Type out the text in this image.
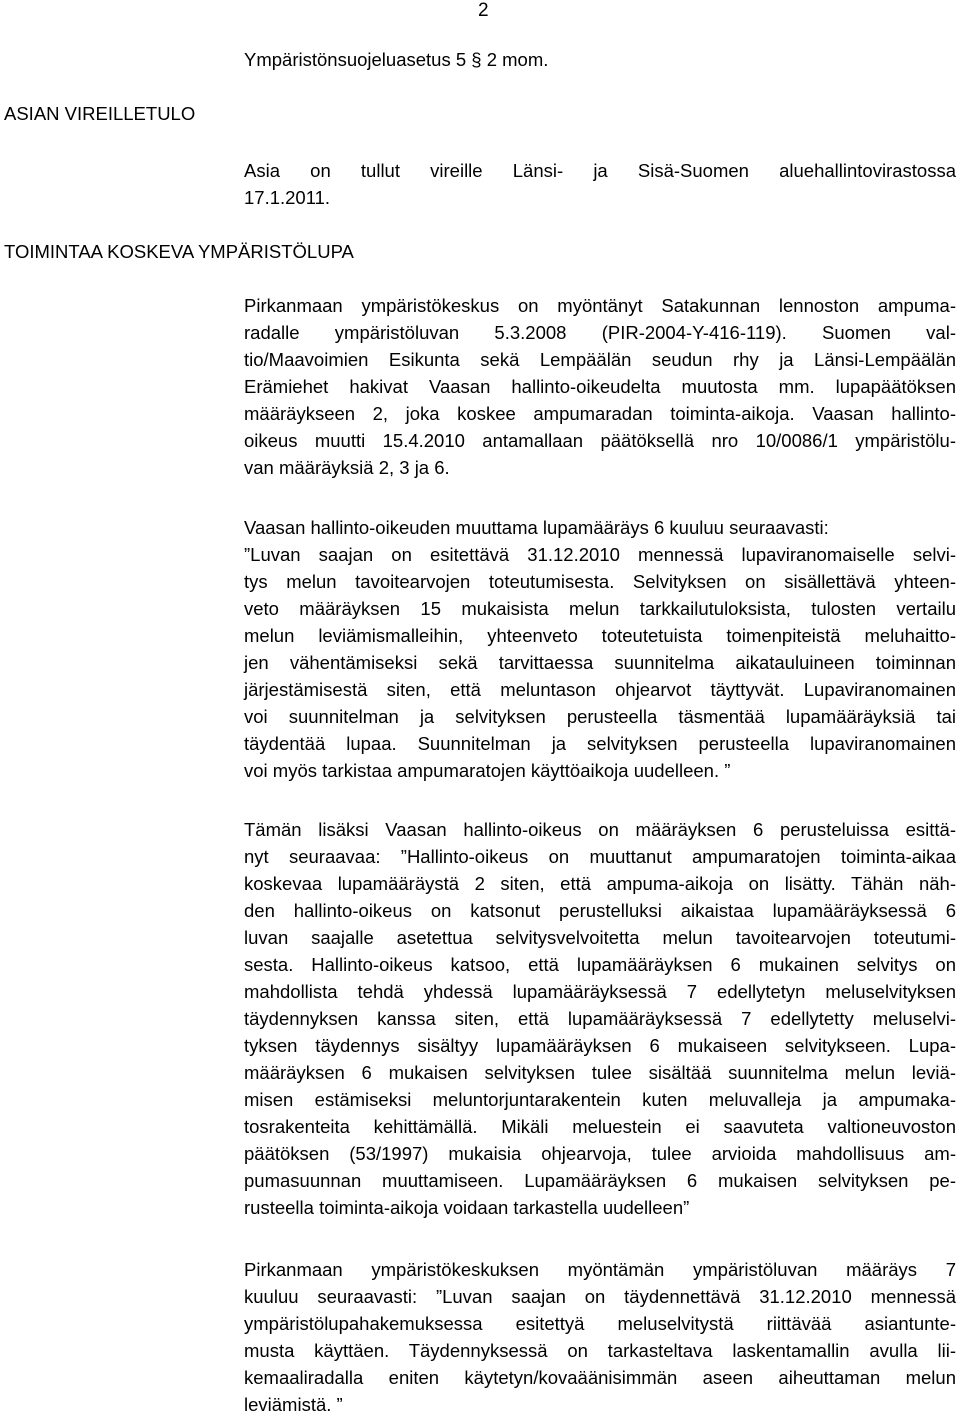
2

Ympäristönsuojeluasetus 5 § 2 mom.

ASIAN VIREILLETULO

Asia on tullut vireille Länsi- ja Sisä-Suomen aluehallintovirastossa
17.1.2011.

TOIMINTAA KOSKEVA YMPÄRISTÖLUPA

Pirkanmaan ympäristökeskus on myöntänyt Satakunnan lennoston ampuma-
radalle ympäristöluvan 5.3.2008 (PIR-2004-Y-416-119). Suomen val-
tio/Maavoimien Esikunta sekä Lempäälän seudun rhy ja Länsi-Lempäälän
Erämiehet hakivat Vaasan hallinto-oikeudelta muutosta mm. lupapäätöksen
määräykseen 2, joka koskee ampumaradan toiminta-aikoja. Vaasan hallinto-
oikeus muutti 15.4.2010 antamallaan päätöksellä nro 10/0086/1 ympäristölu-
van määräyksiä 2, 3 ja 6.

Vaasan hallinto-oikeuden muuttama lupamääräys 6 kuuluu seuraavasti:
”Luvan saajan on esitettävä 31.12.2010 mennessä lupaviranomaiselle selvi-
tys melun tavoitearvojen toteutumisesta. Selvityksen on sisällettävä yhteen-
veto määräyksen 15 mukaisista melun tarkkailutuloksista, tulosten vertailu
melun leviämismalleihin, yhteenveto toteutetuista toimenpiteistä meluhaitto-
jen vähentämiseksi sekä tarvittaessa suunnitelma aikatauluineen toiminnan
järjestämisestä siten, että meluntason ohjearvot täyttyvät. Lupaviranomainen
voi suunnitelman ja selvityksen perusteella täsmentää lupamääräyksiä tai
täydentää lupaa. Suunnitelman ja selvityksen perusteella lupaviranomainen
voi myös tarkistaa ampumaratojen käyttöaikoja uudelleen. ”

Tämän lisäksi Vaasan hallinto-oikeus on määräyksen 6 perusteluissa esittä-
nyt seuraavaa: ”Hallinto-oikeus on muuttanut ampumaratojen toiminta-aikaa
koskevaa lupamääräystä 2 siten, että ampuma-aikoja on lisätty. Tähän näh-
den hallinto-oikeus on katsonut perustelluksi aikaistaa lupamääräyksessä 6
luvan saajalle asetettua selvitysvelvoitetta melun tavoitearvojen toteutumi-
sesta. Hallinto-oikeus katsoo, että lupamääräyksen 6 mukainen selvitys on
mahdollista tehdä yhdessä lupamääräyksessä 7 edellytetyn meluselvityksen
täydennyksen kanssa siten, että lupamääräyksessä 7 edellytetty meluselvi-
tyksen täydennys sisältyy lupamääräyksen 6 mukaiseen selvitykseen. Lupa-
määräyksen 6 mukaisen selvityksen tulee sisältää suunnitelma melun leviä-
misen estämiseksi meluntorjuntarakentein kuten meluvalleja ja ampumaka-
tosrakenteita kehittämällä. Mikäli meluestein ei saavuteta valtioneuvoston
päätöksen (53/1997) mukaisia ohjearvoja, tulee arvioida mahdollisuus am-
pumasuunnan muuttamiseen. Lupamääräyksen 6 mukaisen selvityksen pe-
rusteella toiminta-aikoja voidaan tarkastella uudelleen”

Pirkanmaan ympäristökeskuksen myöntämän ympäristöluvan määräys 7
kuuluu seuraavasti: ”Luvan saajan on täydennettävä 31.12.2010 mennessä
ympäristölupahakemuksessa esitettyä meluselvitystä riittävää asiantunte-
musta käyttäen. Täydennyksessä on tarkasteltava laskentamallin avulla lii-
kemaaliradalla eniten käytetyn/kovaäänisimmän aseen aiheuttaman melun
leviämistä. ”
